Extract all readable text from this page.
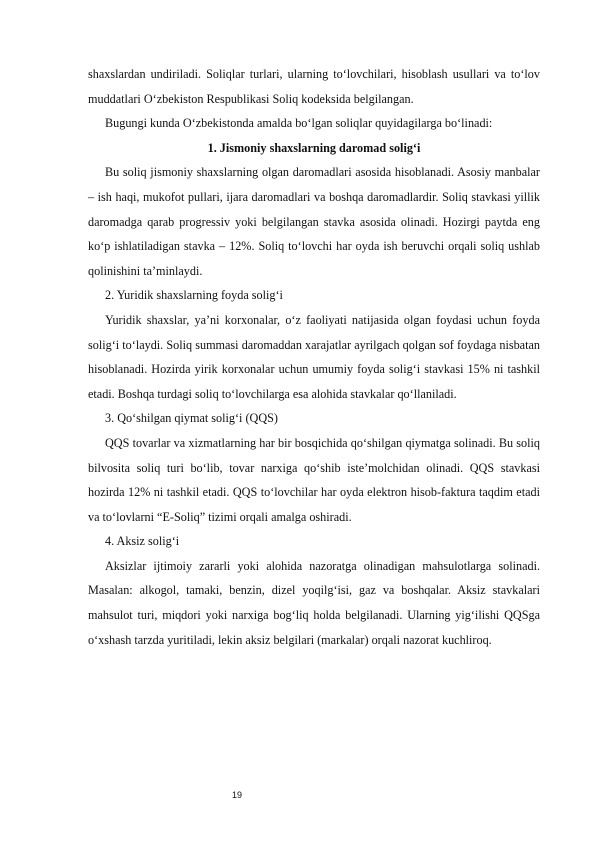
shaxslardan undiriladi. Soliqlar turlari, ularning to‘lovchilari, hisoblash usullari va to‘lov muddatlari O‘zbekiston Respublikasi Soliq kodeksida belgilangan.

Bugungi kunda O‘zbekistonda amalda bo‘lgan soliqlar quyidagilarga bo‘linadi:

1. Jismoniy shaxslarning daromad solig‘i

Bu soliq jismoniy shaxslarning olgan daromadlari asosida hisoblanadi. Asosiy manbalar – ish haqi, mukofot pullari, ijara daromadlari va boshqa daromadlardir. Soliq stavkasi yillik daromadga qarab progressiv yoki belgilangan stavka asosida olinadi. Hozirgi paytda eng ko‘p ishlatiladigan stavka – 12%. Soliq to‘lovchi har oyda ish beruvchi orqali soliq ushlab qolinishini ta’minlaydi.

2. Yuridik shaxslarning foyda solig‘i

Yuridik shaxslar, ya’ni korxonalar, o‘z faoliyati natijasida olgan foydasi uchun foyda solig‘i to‘laydi. Soliq summasi daromaddan xarajatlar ayrilgach qolgan sof foydaga nisbatan hisoblanadi. Hozirda yirik korxonalar uchun umumiy foyda solig‘i stavkasi 15% ni tashkil etadi. Boshqa turdagi soliq to‘lovchilarga esa alohida stavkalar qo‘llaniladi.

3. Qo‘shilgan qiymat solig‘i (QQS)

QQS tovarlar va xizmatlarning har bir bosqichida qo‘shilgan qiymatga solinadi. Bu soliq bilvosita soliq turi bo‘lib, tovar narxiga qo‘shib iste’molchidan olinadi. QQS stavkasi hozirda 12% ni tashkil etadi. QQS to‘lovchilar har oyda elektron hisob-faktura taqdim etadi va to‘lovlarni “E-Soliq” tizimi orqali amalga oshiradi.

4. Aksiz solig‘i

Aksizlar ijtimoiy zararli yoki alohida nazoratga olinadigan mahsulotlarga solinadi. Masalan: alkogol, tamaki, benzin, dizel yoqilg‘isi, gaz va boshqalar. Aksiz stavkalari mahsulot turi, miqdori yoki narxiga bog‘liq holda belgilanadi. Ularning yig‘ilishi QQSga o‘xshash tarzda yuritiladi, lekin aksiz belgilari (markalar) orqali nazorat kuchliroq.

19
